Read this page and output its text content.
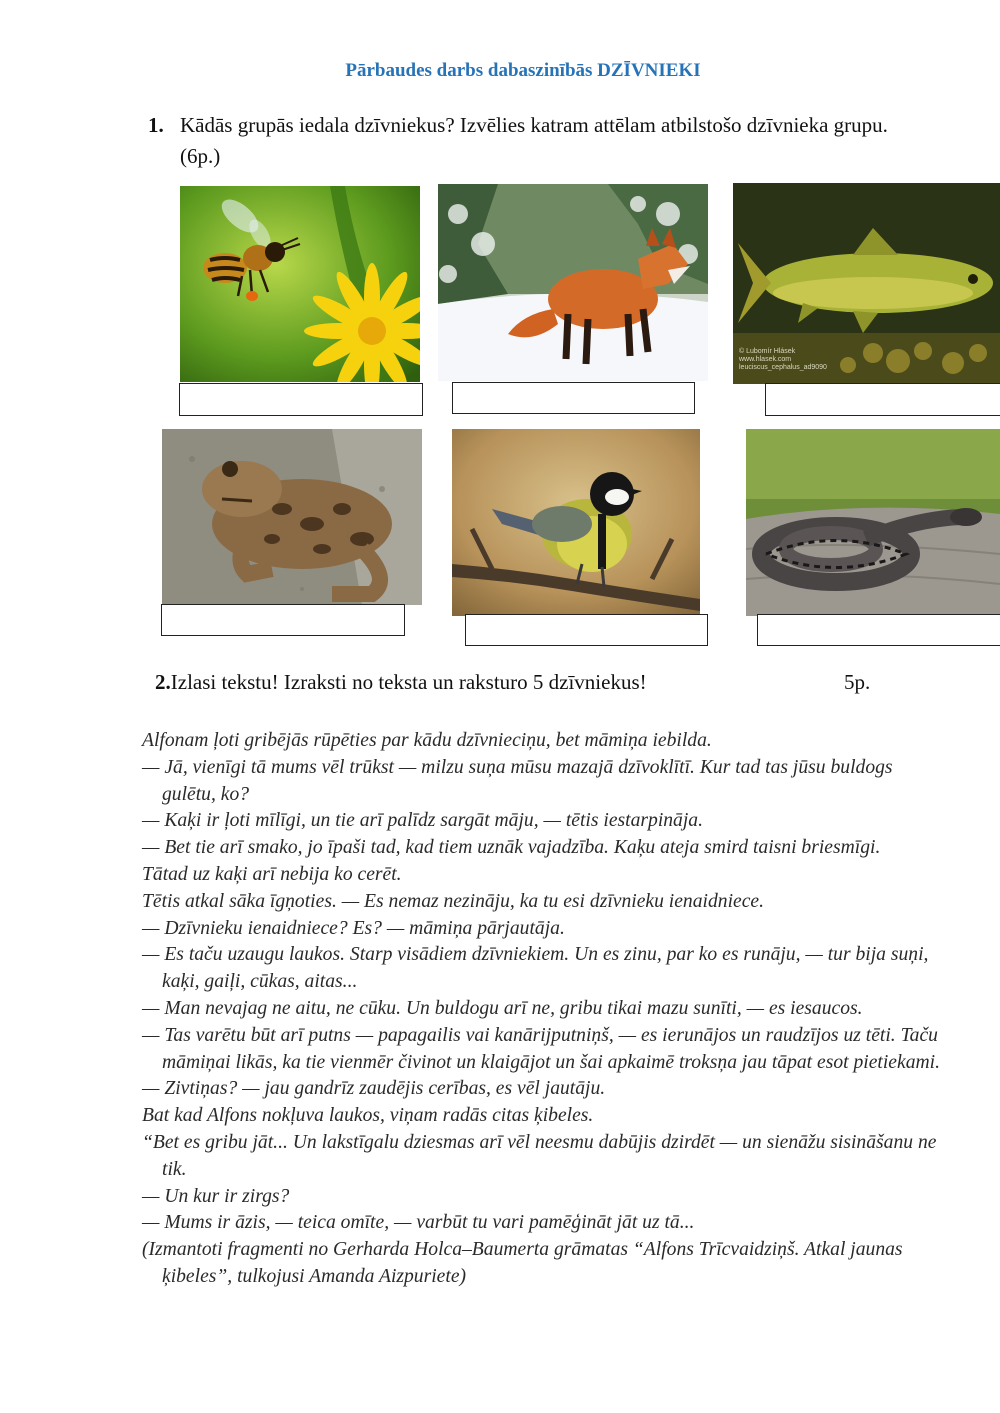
Pārbaudes darbs dabaszinībās DZĪVNIEKI
1. Kādās grupās iedala dzīvniekus? Izvēlies katram attēlam atbilstošo dzīvnieka grupu. (6p.)
© Lubomír Hlásek
www.hlasek.com
leuciscus_cephalus_ad9090
2.Izlasi tekstu! Izraksti no teksta un raksturo 5 dzīvniekus!	5p.
Alfonam ļoti gribējās rūpēties par kādu dzīvnieciņu, bet māmiņa iebilda.
— Jā, vienīgi tā mums vēl trūkst — milzu suņa mūsu mazajā dzīvoklītī. Kur tad tas jūsu buldogs
gulētu, ko?
— Kaķi ir ļoti mīlīgi, un tie arī palīdz sargāt māju, — tētis iestarpināja.
— Bet tie arī smako, jo īpaši tad, kad tiem uznāk vajadzība. Kaķu ateja smird taisni briesmīgi.
Tātad uz kaķi arī nebija ko cerēt.
Tētis atkal sāka īgņoties. — Es nemaz nezināju, ka tu esi dzīvnieku ienaidniece.
— Dzīvnieku ienaidniece? Es? — māmiņa pārjautāja.
— Es taču uzaugu laukos. Starp visādiem dzīvniekiem. Un es zinu, par ko es runāju, — tur bija suņi,
kaķi, gaiļi, cūkas, aitas...
— Man nevajag ne aitu, ne cūku. Un buldogu arī ne, gribu tikai mazu sunīti, — es iesaucos.
— Tas varētu būt arī putns — papagailis vai kanārijputniņš, — es ierunājos un raudzījos uz tēti. Taču
māmiņai likās, ka tie vienmēr čivinot un klaigājot un šai apkaimē troksņa jau tāpat esot pietiekami.
— Zivtiņas? — jau gandrīz zaudējis cerības, es vēl jautāju.
Bat kad Alfons nokļuva laukos, viņam radās citas ķibeles.
“Bet es gribu jāt... Un lakstīgalu dziesmas arī vēl neesmu dabūjis dzirdēt — un sienāžu sisināšanu ne
tik.
— Un kur ir zirgs?
— Mums ir āzis, — teica omīte, — varbūt tu vari pamēģināt jāt uz tā...
(Izmantoti fragmenti no Gerharda Holca–Baumerta grāmatas “Alfons Trīcvaidziņš. Atkal jaunas
ķibeles”, tulkojusi Amanda Aizpuriete)
